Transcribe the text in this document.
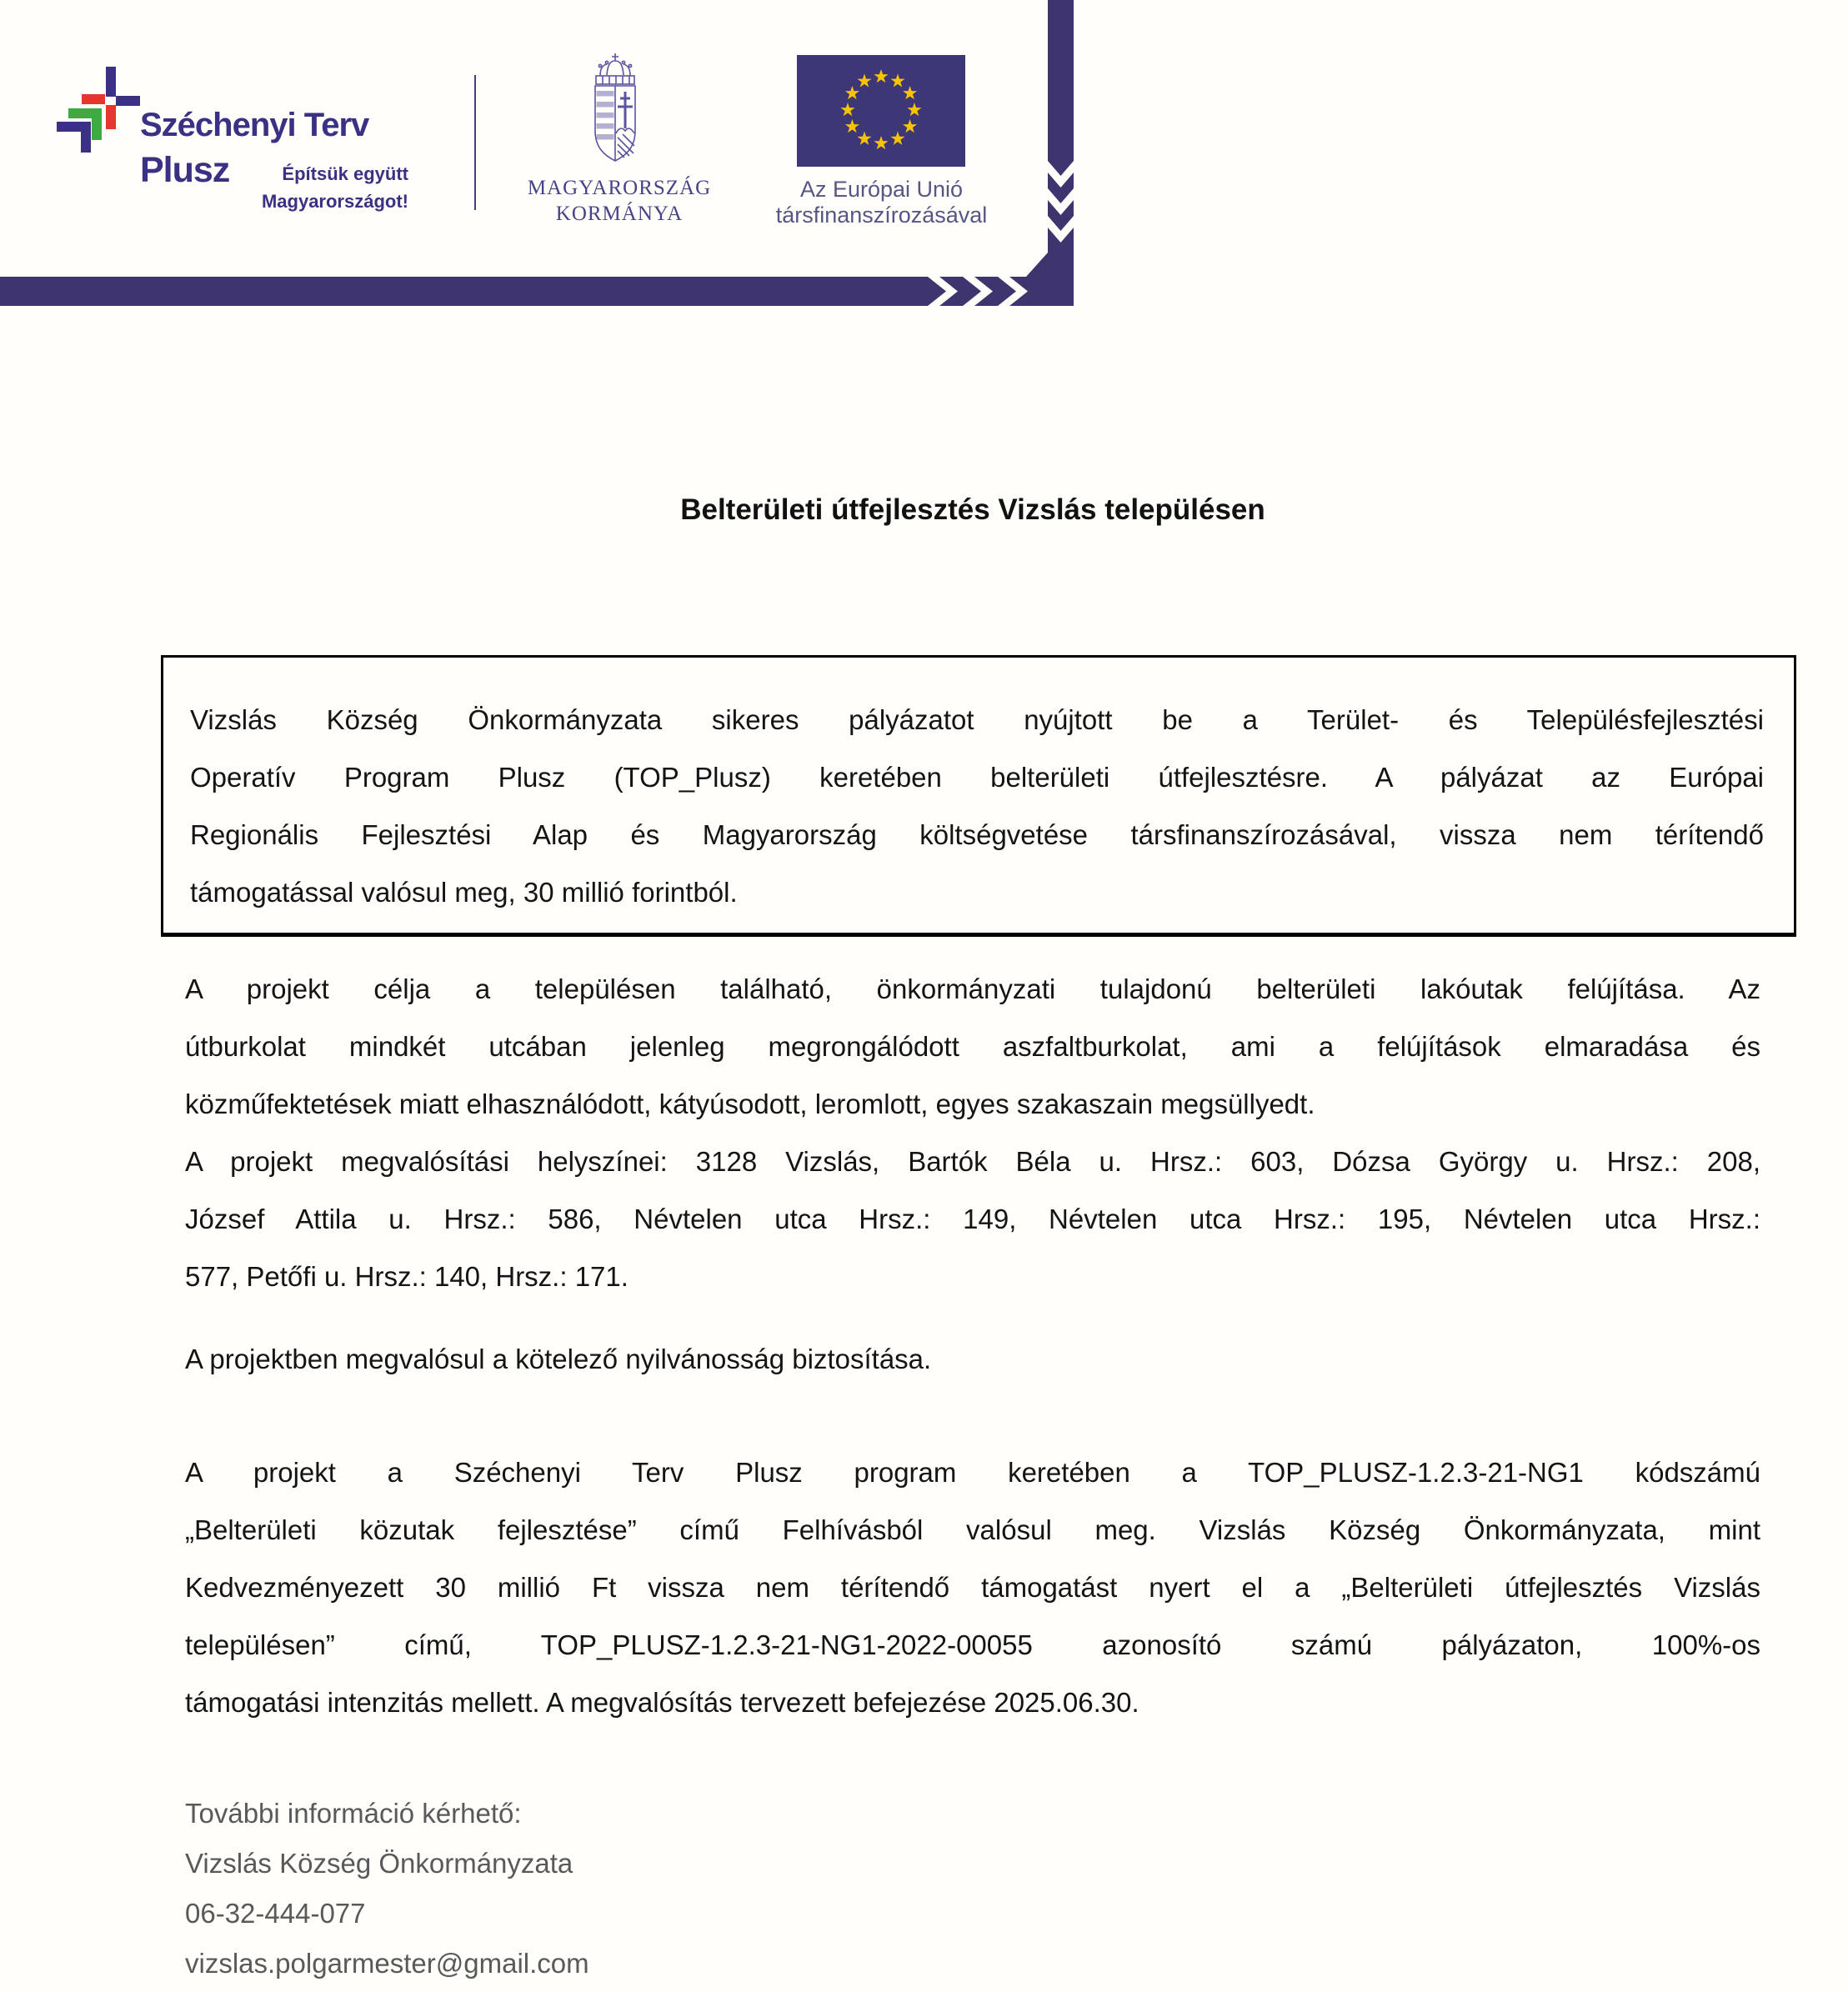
Széchenyi Terv
Plusz	Építsük együtt
Magyarországot!
MAGYARORSZÁG
KORMÁNYA
Az Európai Unió
társfinanszírozásával
Belterületi útfejlesztés Vizslás településen
Vizslás Község Önkormányzata sikeres pályázatot nyújtott be a Terület- és Településfejlesztési
Operatív Program Plusz (TOP_Plusz) keretében belterületi útfejlesztésre. A pályázat az Európai
Regionális Fejlesztési Alap és Magyarország költségvetése társfinanszírozásával, vissza nem térítendő
támogatással valósul meg, 30 millió forintból.
A projekt célja a településen található, önkormányzati tulajdonú belterületi lakóutak felújítása. Az
útburkolat mindkét utcában jelenleg megrongálódott aszfaltburkolat, ami a felújítások elmaradása és
közműfektetések miatt elhasználódott, kátyúsodott, leromlott, egyes szakaszain megsüllyedt.
A projekt megvalósítási helyszínei: 3128 Vizslás, Bartók Béla u. Hrsz.: 603, Dózsa György u. Hrsz.: 208,
József Attila u. Hrsz.: 586, Névtelen utca Hrsz.: 149, Névtelen utca Hrsz.: 195, Névtelen utca Hrsz.:
577, Petőfi u. Hrsz.: 140, Hrsz.: 171.
A projektben megvalósul a kötelező nyilvánosság biztosítása.
A projekt a Széchenyi Terv Plusz program keretében a TOP_PLUSZ-1.2.3-21-NG1 kódszámú
„Belterületi közutak fejlesztése” című Felhívásból valósul meg. Vizslás Község Önkormányzata, mint
Kedvezményezett 30 millió Ft vissza nem térítendő támogatást nyert el a „Belterületi útfejlesztés Vizslás
településen” című, TOP_PLUSZ-1.2.3-21-NG1-2022-00055 azonosító számú pályázaton, 100%-os
támogatási intenzitás mellett. A megvalósítás tervezett befejezése 2025.06.30.
További információ kérhető:
Vizslás Község Önkormányzata
06-32-444-077
vizslas.polgarmester@gmail.com
